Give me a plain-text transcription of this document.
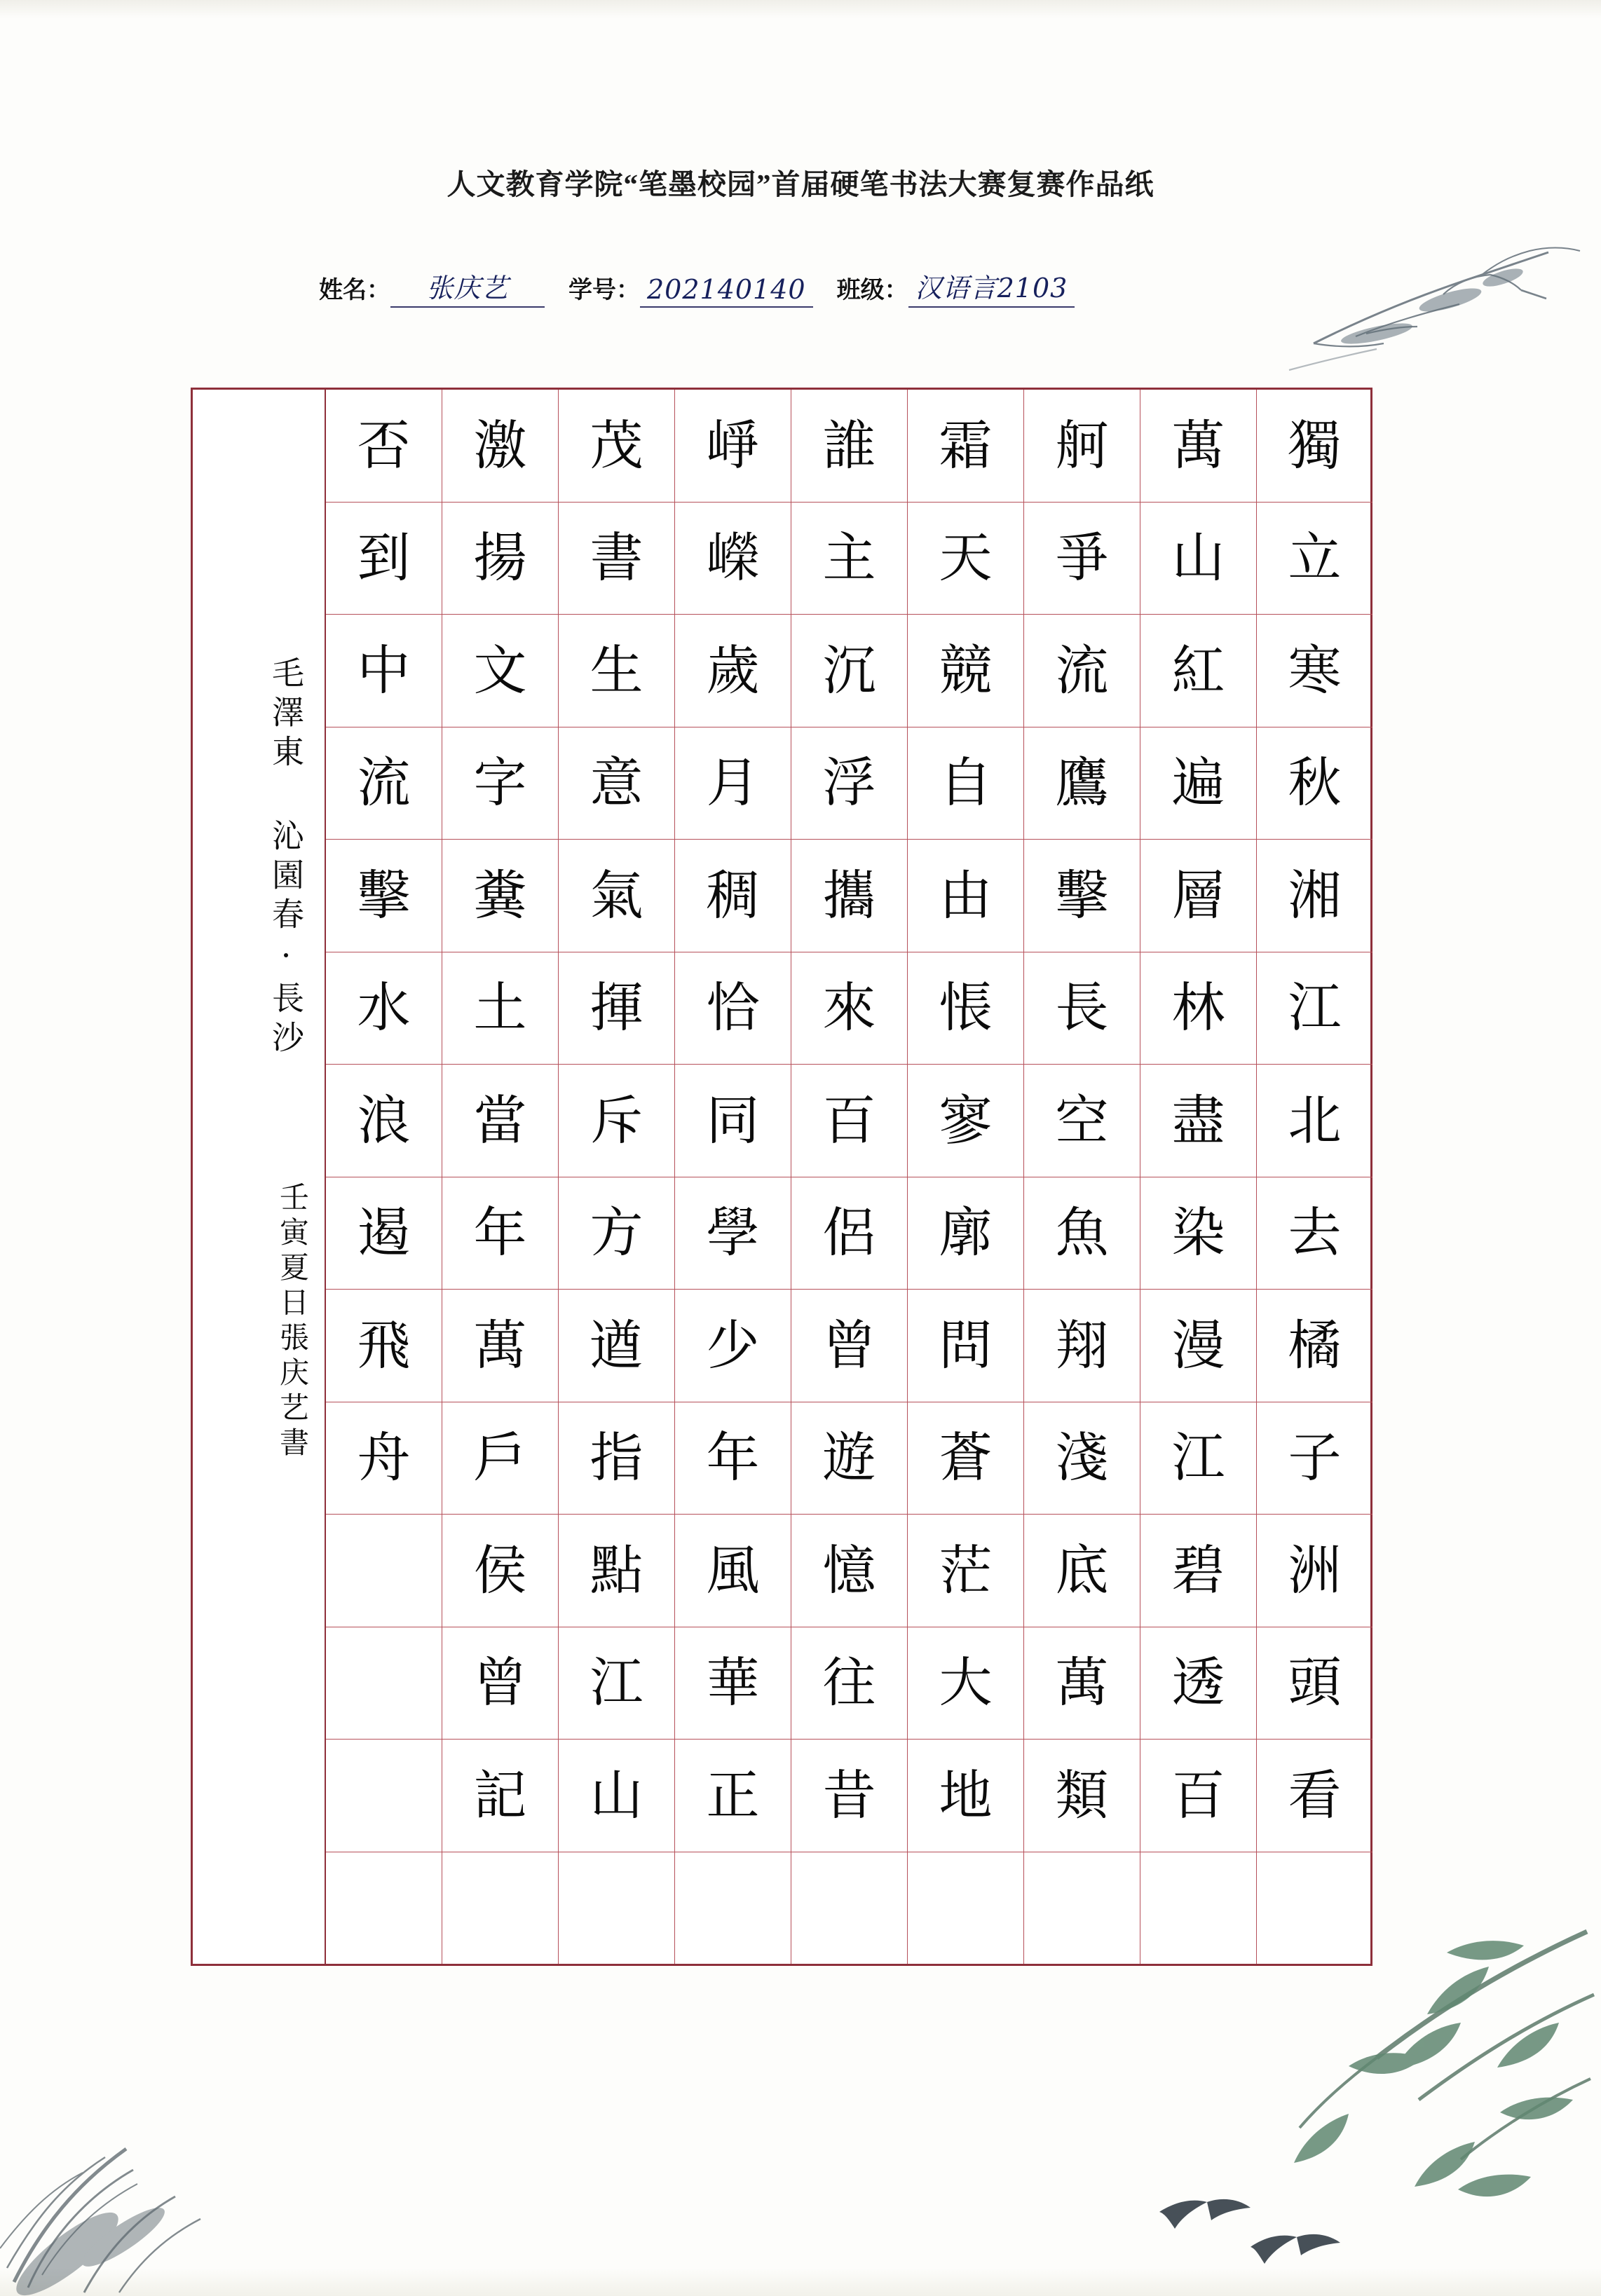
人文教育学院“笔墨校园”首届硬笔书法大赛复赛作品纸
姓名：	张庆艺	学号： 202140140 班级： 汉语言2103
毛澤東 沁園春·長沙
壬寅夏日張庆艺書
獨
立
寒
秋
湘
江
北
去
橘
子
洲
頭
看
萬
山
紅
遍
層
林
盡
染
漫
江
碧
透
百
舸
爭
流
鷹
擊
長
空
魚
翔
淺
底
萬
類
霜
天
競
自
由
悵
寥
廓
問
蒼
茫
大
地
誰
主
沉
浮
攜
來
百
侶
曾
遊
憶
往
昔
崢
嶸
歲
月
稠
恰
同
學
少
年
風
華
正
茂
書
生
意
氣
揮
斥
方
遒
指
點
江
山
激
揚
文
字
糞
土
當
年
萬
戶
侯
曾
記
否
到
中
流
擊
水
浪
遏
飛
舟
